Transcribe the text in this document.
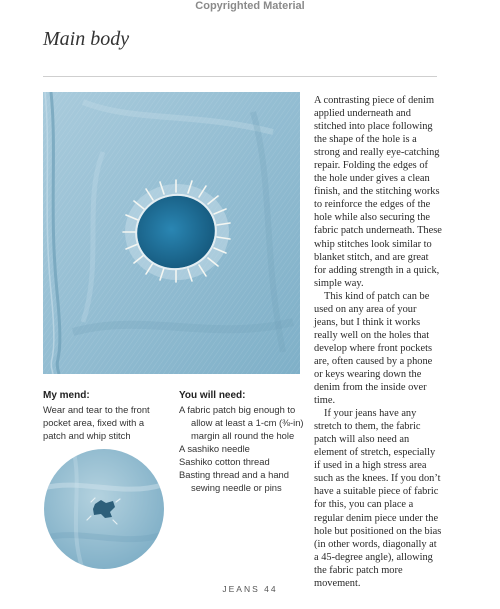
Copyrighted Material
Main body

A contrasting piece of denim applied underneath and stitched into place following the shape of the hole is a strong and really eye-catching repair. Folding the edges of the hole under gives a clean finish, and the stitching works to reinforce the edges of the hole while also securing the fabric patch underneath. These whip stitches look similar to blanket stitch, and are great for adding strength in a quick, simple way.

This kind of patch can be used on any area of your jeans, but I think it works really well on the holes that develop where front pockets are, often caused by a phone or keys wearing down the denim from the inside over time.

If your jeans have any stretch to them, the fabric patch will also need an element of stretch, especially if used in a high stress area such as the knees. If you don’t have a suitable piece of fabric for this, you can place a regular denim piece under the hole but positioned on the bias (in other words, diagonally at a 45-degree angle), allowing the fabric patch more movement.

My mend:
Wear and tear to the front pocket area, fixed with a patch and whip stitch
You will need:
A fabric patch big enough to allow at least a 1-cm (⅜-in) margin all round the hole
A sashiko needle
Sashiko cotton thread
Basting thread and a hand sewing needle or pins
JEANS 44
